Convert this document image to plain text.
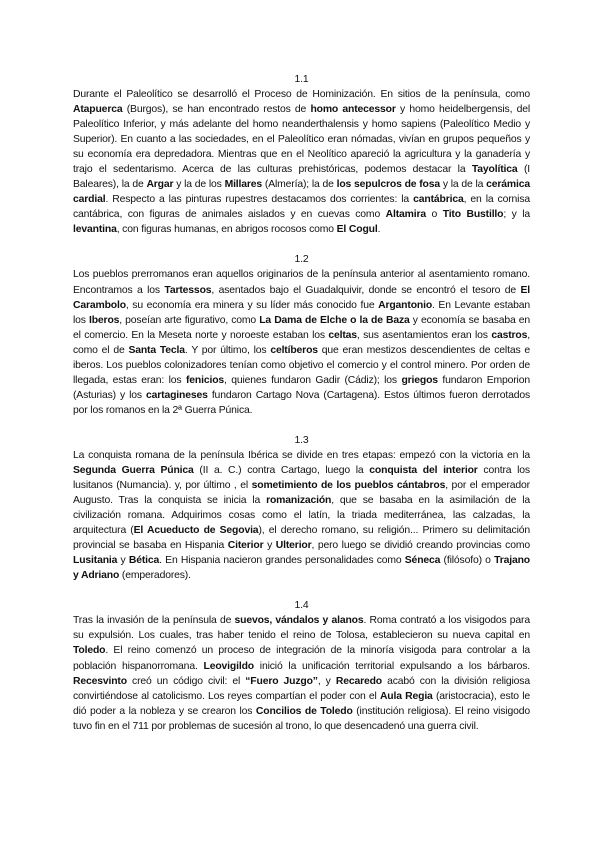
1.1

Durante el Paleolítico se desarrolló el Proceso de Hominización. En sitios de la península, como Atapuerca (Burgos), se han encontrado restos de homo antecessor y homo heidelbergensis, del Paleolítico Inferior, y más adelante del homo neanderthalensis y homo sapiens (Paleolítico Medio y Superior). En cuanto a las sociedades, en el Paleolítico eran nómadas, vivían en grupos pequeños y su economía era depredadora. Mientras que en el Neolítico apareció la agricultura y la ganadería y trajo el sedentarismo. Acerca de las culturas prehistóricas, podemos destacar la Tayolítica (I Baleares), la de Argar y la de los Millares (Almería); la de los sepulcros de fosa y la de la cerámica cardial. Respecto a las pinturas rupestres destacamos dos corrientes: la cantábrica, en la cornisa cantábrica, con figuras de animales aislados y en cuevas como Altamira o Tito Bustillo; y la levantina, con figuras humanas, en abrigos rocosos como El Cogul.

1.2

Los pueblos prerromanos eran aquellos originarios de la península anterior al asentamiento romano. Encontramos a los Tartessos, asentados bajo el Guadalquivir, donde se encontró el tesoro de El Carambolo, su economía era minera y su líder más conocido fue Argantonio. En Levante estaban los Iberos, poseían arte figurativo, como La Dama de Elche o la de Baza y economía se basaba en el comercio. En la Meseta norte y noroeste estaban los celtas, sus asentamientos eran los castros, como el de Santa Tecla. Y por último, los celtíberos que eran mestizos descendientes de celtas e iberos. Los pueblos colonizadores tenían como objetivo el comercio y el control minero. Por orden de llegada, estas eran: los fenicios, quienes fundaron Gadir (Cádiz); los griegos fundaron Emporion (Asturias) y los cartagineses fundaron Cartago Nova (Cartagena). Estos últimos fueron derrotados por los romanos en la 2ª Guerra Púnica.

1.3

La conquista romana de la península Ibérica se divide en tres etapas: empezó con la victoria en la Segunda Guerra Púnica (II a. C.) contra Cartago, luego la conquista del interior contra los lusitanos (Numancia). y, por último , el sometimiento de los pueblos cántabros, por el emperador Augusto. Tras la conquista se inicia la romanización, que se basaba en la asimilación de la civilización romana. Adquirimos cosas como el latín, la triada mediterránea, las calzadas, la arquitectura (El Acueducto de Segovia), el derecho romano, su religión... Primero su delimitación provincial se basaba en Hispania Citerior y Ulterior, pero luego se dividió creando provincias como Lusitania y Bética. En Hispania nacieron grandes personalidades como Séneca (filósofo) o Trajano y Adriano (emperadores).

1.4

Tras la invasión de la península de suevos, vándalos y alanos. Roma contrató a los visigodos para su expulsión. Los cuales, tras haber tenido el reino de Tolosa, establecieron su nueva capital en Toledo. El reino comenzó un proceso de integración de la minoría visigoda para controlar a la población hispanorromana. Leovigildo inició la unificación territorial expulsando a los bárbaros. Recesvinto creó un código civil: el “Fuero Juzgo”, y Recaredo acabó con la división religiosa convirtiéndose al catolicismo. Los reyes compartían el poder con el Aula Regia (aristocracia), esto le dió poder a la nobleza y se crearon los Concilios de Toledo (institución religiosa). El reino visigodo tuvo fin en el 711 por problemas de sucesión al trono, lo que desencadenó una guerra civil.
